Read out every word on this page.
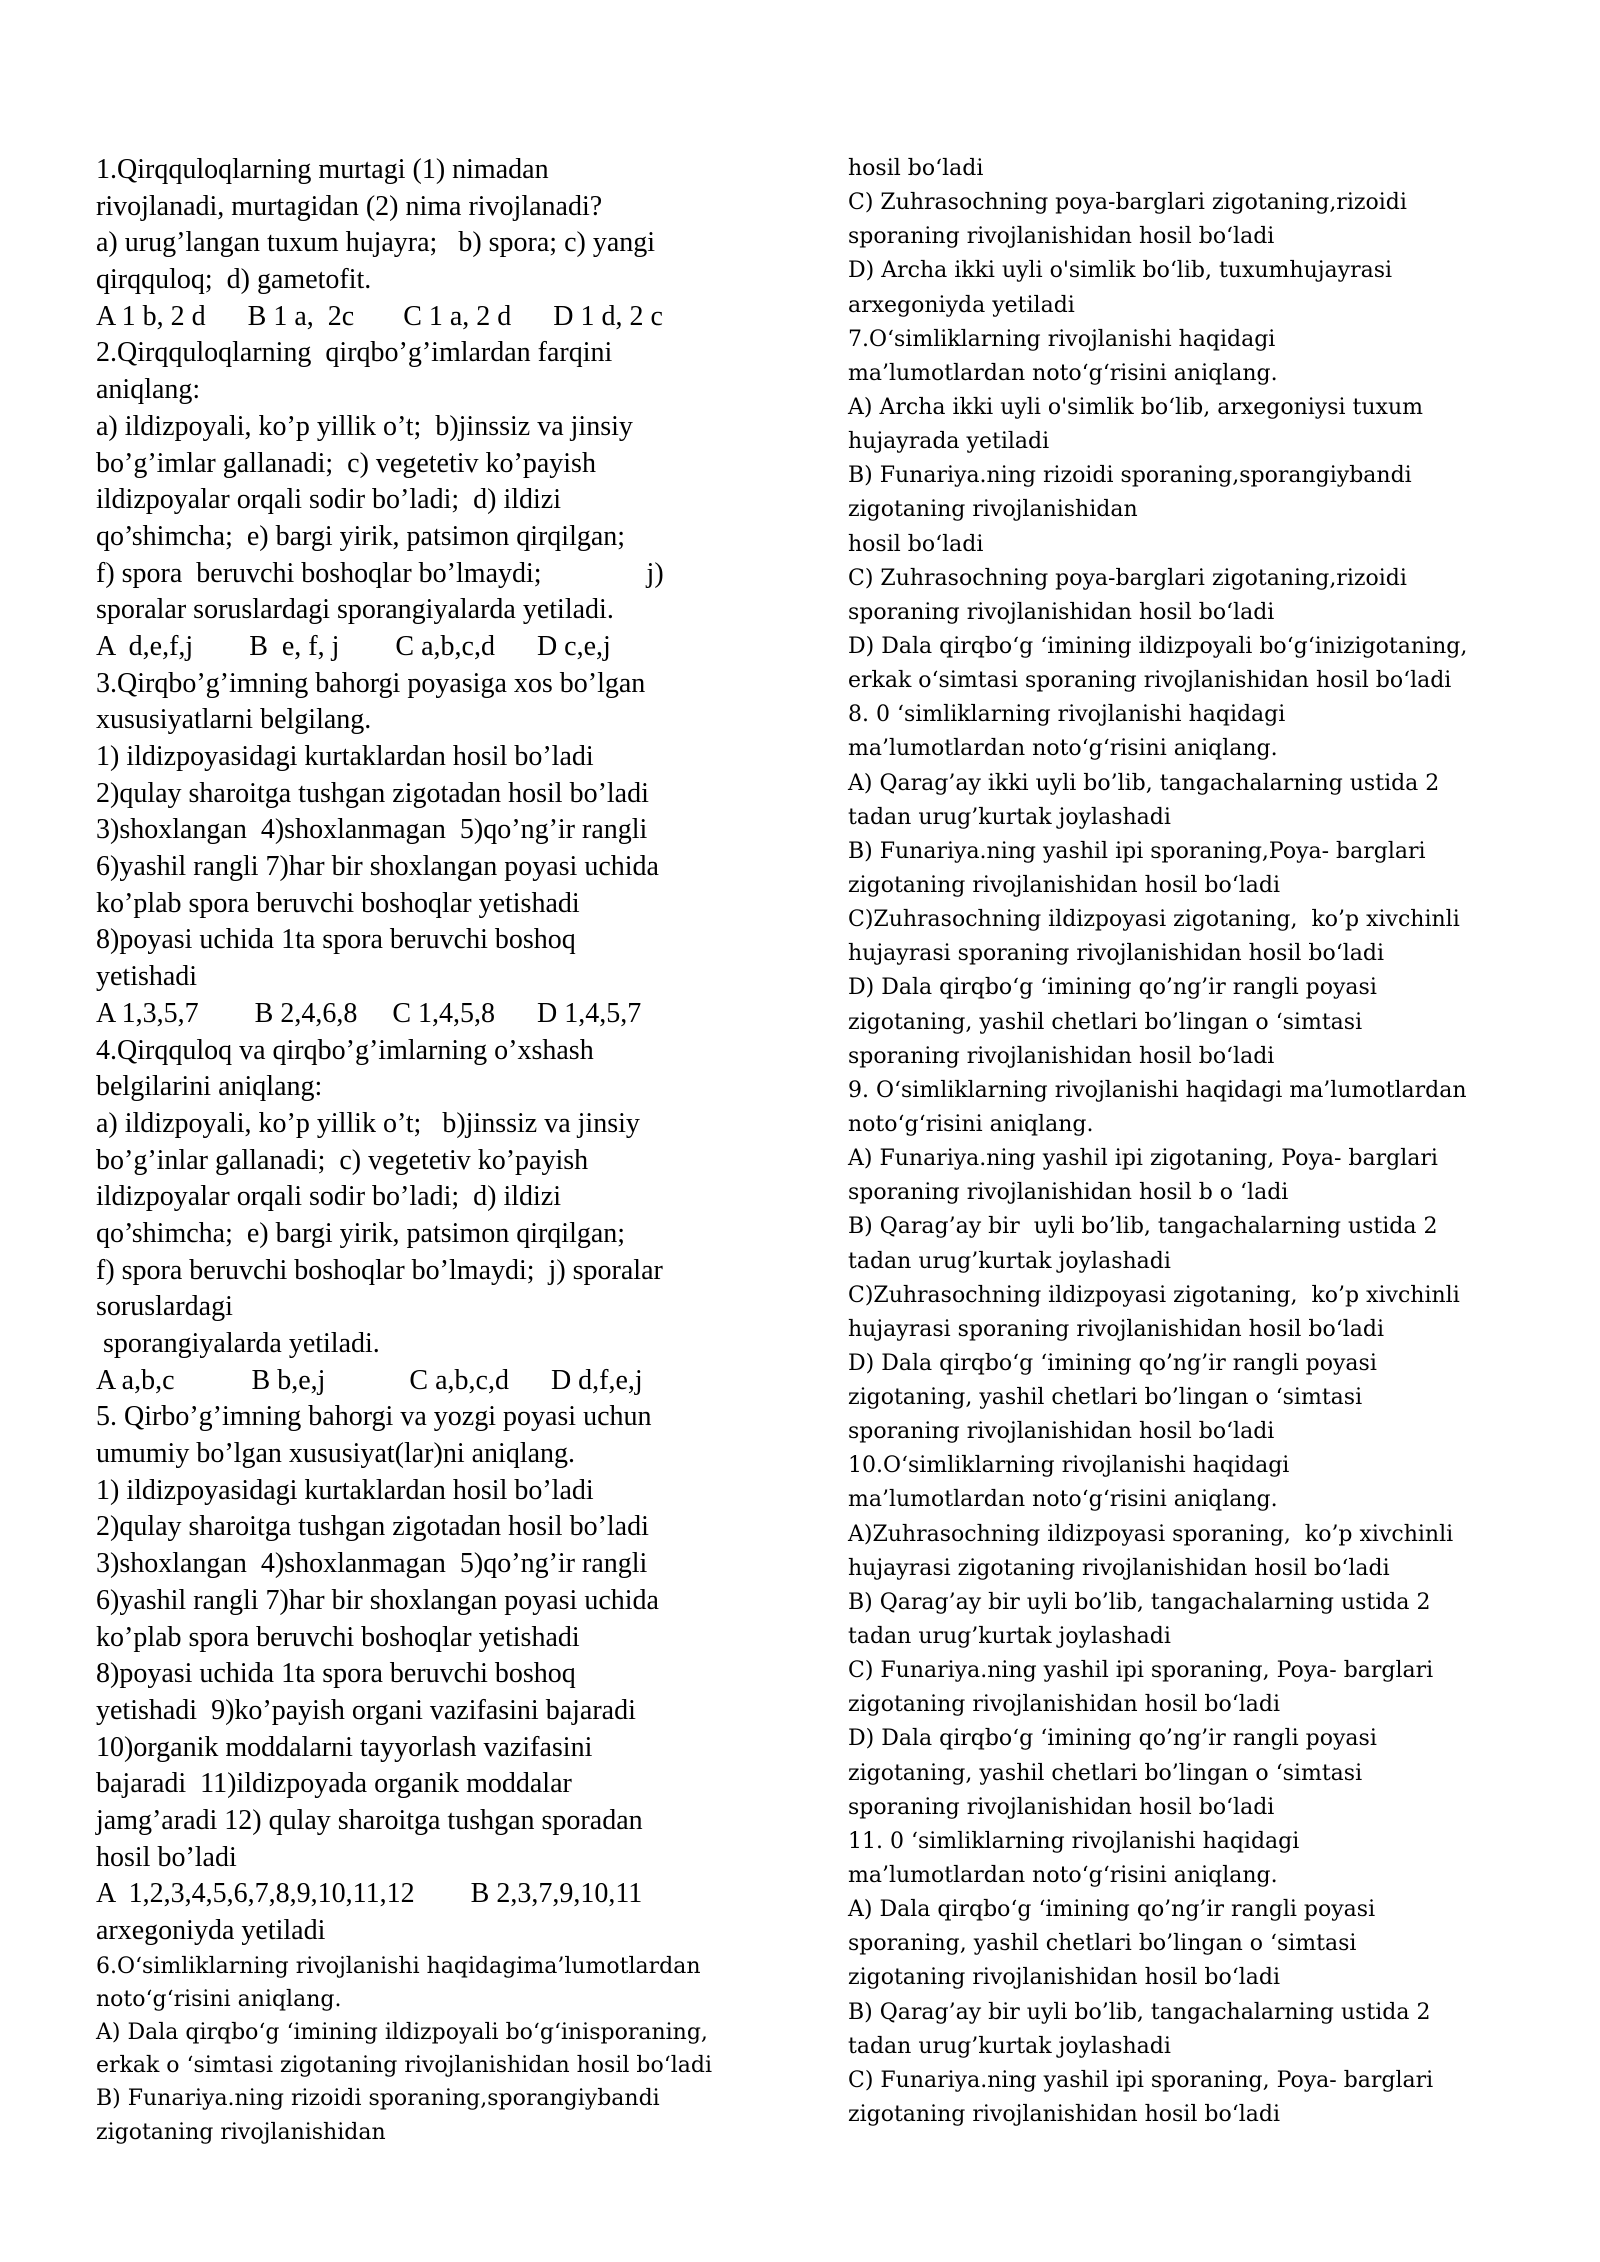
1.Qirqquloqlarning murtagi (1) nimadan
rivojlanadi, murtagidan (2) nima rivojlanadi?
a) urug’langan tuxum hujayra;   b) spora; c) yangi
qirqquloq;  d) gametofit.
A 1 b, 2 d      B 1 a,  2c       C 1 a, 2 d      D 1 d, 2 c
2.Qirqquloqlarning  qirqbo’g’imlardan farqini
aniqlang:
a) ildizpoyali, ko’p yillik o’t;  b)jinssiz va jinsiy
bo’g’imlar gallanadi;  c) vegetetiv ko’payish
ildizpoyalar orqali sodir bo’ladi;  d) ildizi
qo’shimcha;  e) bargi yirik, patsimon qirqilgan;
f) spora  beruvchi boshoqlar bo’lmaydi;               j)
sporalar soruslardagi sporangiyalarda yetiladi.
A  d,e,f,j        B  e, f, j        C a,b,c,d      D c,e,j
3.Qirqbo’g’imning bahorgi poyasiga xos bo’lgan
xususiyatlarni belgilang.
1) ildizpoyasidagi kurtaklardan hosil bo’ladi
2)qulay sharoitga tushgan zigotadan hosil bo’ladi
3)shoxlangan  4)shoxlanmagan  5)qo’ng’ir rangli
6)yashil rangli 7)har bir shoxlangan poyasi uchida
ko’plab spora beruvchi boshoqlar yetishadi
8)poyasi uchida 1ta spora beruvchi boshoq
yetishadi
A 1,3,5,7        B 2,4,6,8     C 1,4,5,8      D 1,4,5,7
4.Qirqquloq va qirqbo’g’imlarning o’xshash
belgilarini aniqlang:
a) ildizpoyali, ko’p yillik o’t;   b)jinssiz va jinsiy
bo’g’inlar gallanadi;  c) vegetetiv ko’payish
ildizpoyalar orqali sodir bo’ladi;  d) ildizi
qo’shimcha;  e) bargi yirik, patsimon qirqilgan;
f) spora beruvchi boshoqlar bo’lmaydi;  j) sporalar
soruslardagi
sporangiyalarda yetiladi.
A a,b,c           B b,e,j            C a,b,c,d      D d,f,e,j
5. Qirbo’g’imning bahorgi va yozgi poyasi uchun
umumiy bo’lgan xususiyat(lar)ni aniqlang.
1) ildizpoyasidagi kurtaklardan hosil bo’ladi
2)qulay sharoitga tushgan zigotadan hosil bo’ladi
3)shoxlangan  4)shoxlanmagan  5)qo’ng’ir rangli
6)yashil rangli 7)har bir shoxlangan poyasi uchida
ko’plab spora beruvchi boshoqlar yetishadi
8)poyasi uchida 1ta spora beruvchi boshoq
yetishadi  9)ko’payish organi vazifasini bajaradi
10)organik moddalarni tayyorlash vazifasini
bajaradi  11)ildizpoyada organik moddalar
jamg’aradi 12) qulay sharoitga tushgan sporadan
hosil bo’ladi
A  1,2,3,4,5,6,7,8,9,10,11,12        B 2,3,7,9,10,11
arxegoniyda yetiladi
6.O‘simliklarning rivojlanishi haqidagima’lumotlardan
noto‘g‘risini aniqlang.
A) Dala qirqbo‘g ‘imining ildizpoyali bo‘g‘inisporaning,
erkak o ‘simtasi zigotaning rivojlanishidan hosil bo‘ladi
B) Funariya.ning rizoidi sporaning,sporangiybandi
zigotaning rivojlanishidan
hosil bo‘ladi
C) Zuhrasochning poya-barglari zigotaning,rizoidi
sporaning rivojlanishidan hosil bo‘ladi
D) Archa ikki uyli o'simlik bo‘lib, tuxumhujayrasi
arxegoniyda yetiladi
7.O‘simliklarning rivojlanishi haqidagi
ma’lumotlardan noto‘g‘risini aniqlang.
A) Archa ikki uyli o'simlik bo‘lib, arxegoniysi tuxum
hujayrada yetiladi
B) Funariya.ning rizoidi sporaning,sporangiybandi
zigotaning rivojlanishidan
hosil bo‘ladi
C) Zuhrasochning poya-barglari zigotaning,rizoidi
sporaning rivojlanishidan hosil bo‘ladi
D) Dala qirqbo‘g ‘imining ildizpoyali bo‘g‘inizigotaning,
erkak o‘simtasi sporaning rivojlanishidan hosil bo‘ladi
8. 0 ‘simliklarning rivojlanishi haqidagi
ma’lumotlardan noto‘g‘risini aniqlang.
A) Qarag’ay ikki uyli bo’lib, tangachalarning ustida 2
tadan urug’kurtak joylashadi
B) Funariya.ning yashil ipi sporaning,Poya- barglari
zigotaning rivojlanishidan hosil bo‘ladi
C)Zuhrasochning ildizpoyasi zigotaning,  ko’p xivchinli
hujayrasi sporaning rivojlanishidan hosil bo‘ladi
D) Dala qirqbo‘g ‘imining qo’ng’ir rangli poyasi
zigotaning, yashil chetlari bo’lingan o ‘simtasi
sporaning rivojlanishidan hosil bo‘ladi
9. O‘simliklarning rivojlanishi haqidagi ma’lumotlardan
noto‘g‘risini aniqlang.
A) Funariya.ning yashil ipi zigotaning, Poya- barglari
sporaning rivojlanishidan hosil b o ‘ladi
B) Qarag’ay bir  uyli bo’lib, tangachalarning ustida 2
tadan urug’kurtak joylashadi
C)Zuhrasochning ildizpoyasi zigotaning,  ko’p xivchinli
hujayrasi sporaning rivojlanishidan hosil bo‘ladi
D) Dala qirqbo‘g ‘imining qo’ng’ir rangli poyasi
zigotaning, yashil chetlari bo’lingan o ‘simtasi
sporaning rivojlanishidan hosil bo‘ladi
10.O‘simliklarning rivojlanishi haqidagi
ma’lumotlardan noto‘g‘risini aniqlang.
A)Zuhrasochning ildizpoyasi sporaning,  ko’p xivchinli
hujayrasi zigotaning rivojlanishidan hosil bo‘ladi
B) Qarag’ay bir uyli bo’lib, tangachalarning ustida 2
tadan urug’kurtak joylashadi
C) Funariya.ning yashil ipi sporaning, Poya- barglari
zigotaning rivojlanishidan hosil bo‘ladi
D) Dala qirqbo‘g ‘imining qo’ng’ir rangli poyasi
zigotaning, yashil chetlari bo’lingan o ‘simtasi
sporaning rivojlanishidan hosil bo‘ladi
11. 0 ‘simliklarning rivojlanishi haqidagi
ma’lumotlardan noto‘g‘risini aniqlang.
A) Dala qirqbo‘g ‘imining qo’ng’ir rangli poyasi
sporaning, yashil chetlari bo’lingan o ‘simtasi
zigotaning rivojlanishidan hosil bo‘ladi
B) Qarag’ay bir uyli bo’lib, tangachalarning ustida 2
tadan urug’kurtak joylashadi
C) Funariya.ning yashil ipi sporaning, Poya- barglari
zigotaning rivojlanishidan hosil bo‘ladi
